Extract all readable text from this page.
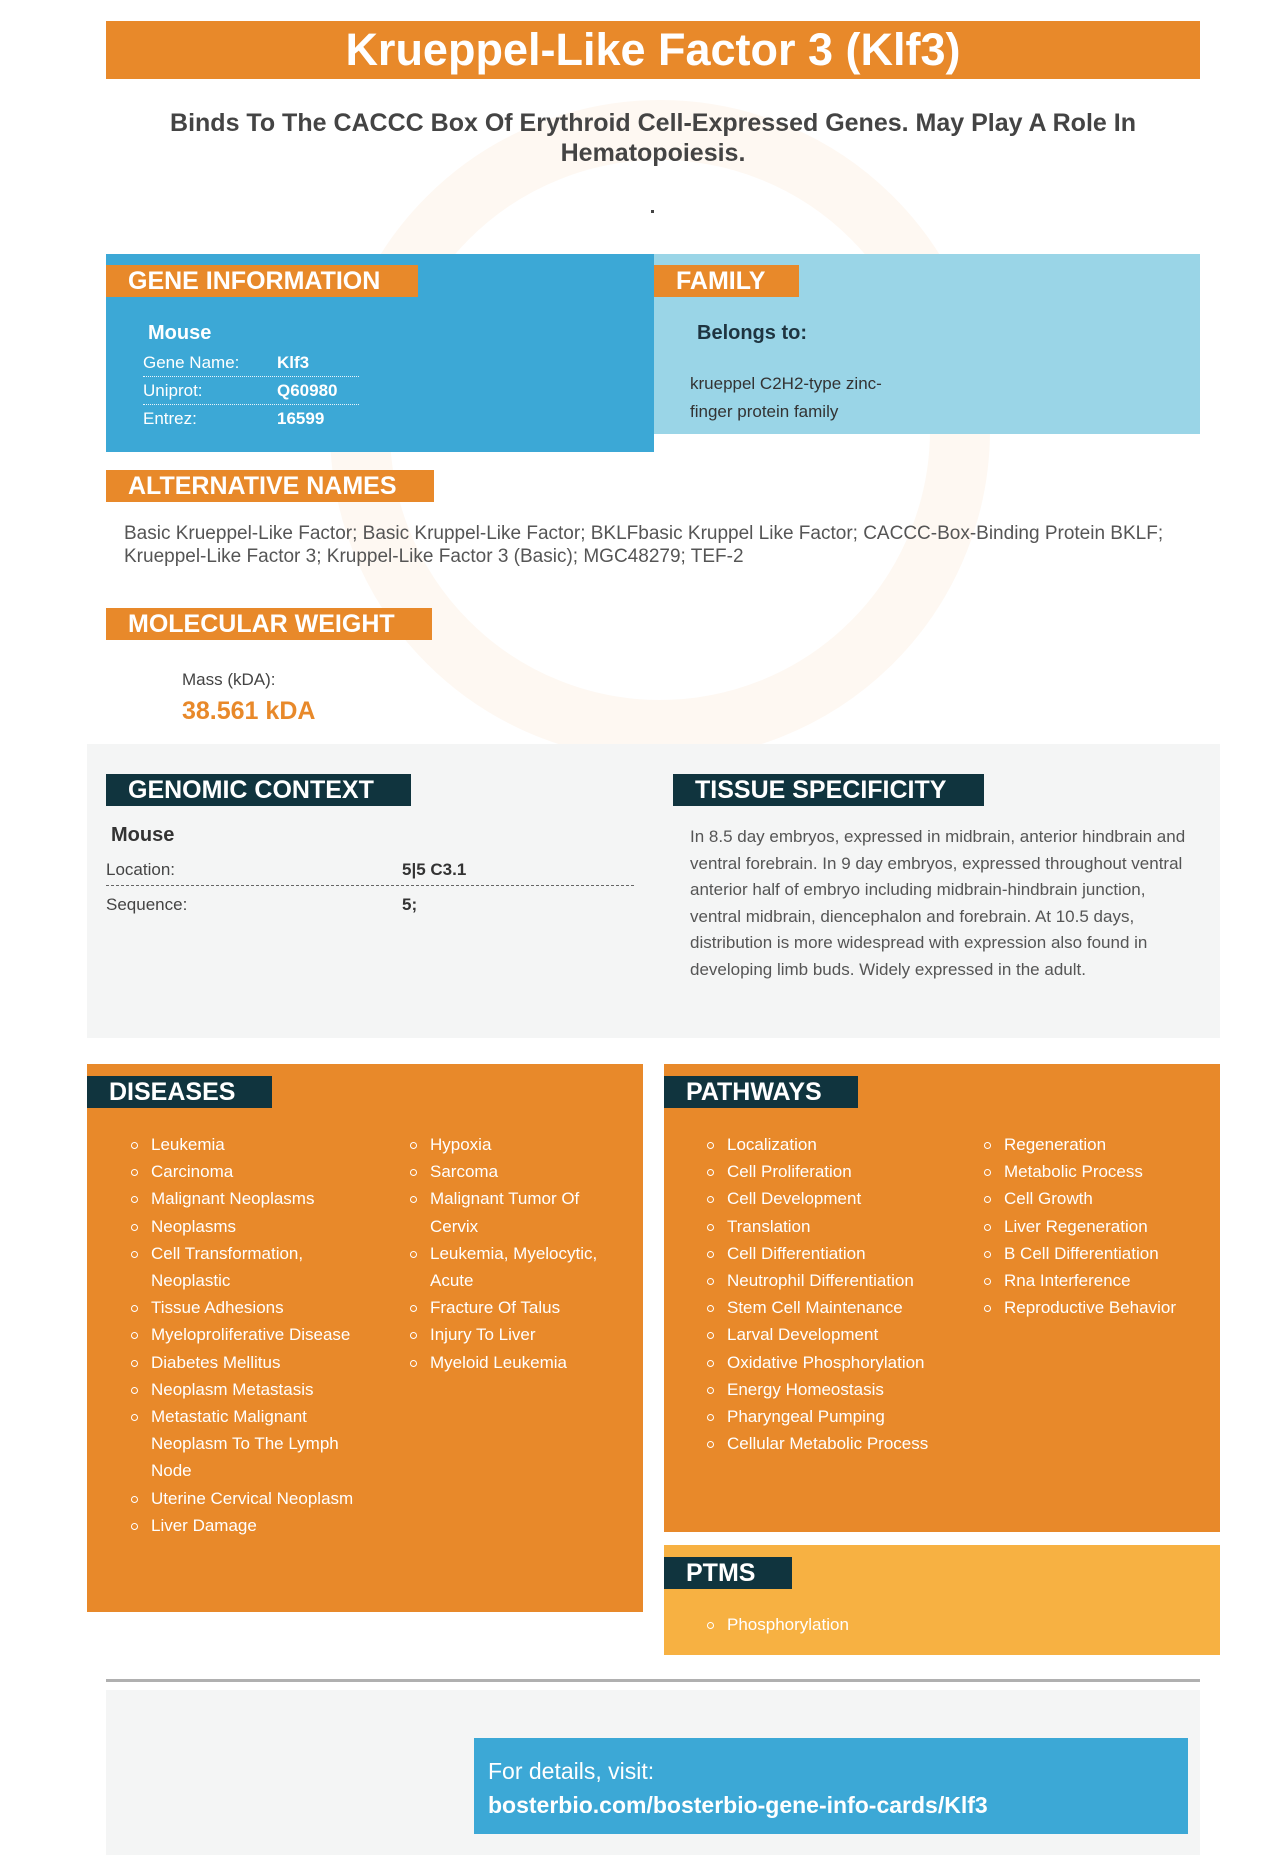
Krueppel-Like Factor 3 (Klf3)
Binds To The CACCC Box Of Erythroid Cell-Expressed Genes. May Play A Role In Hematopoiesis.
GENE INFORMATION
Mouse
Gene Name: Klf3
Uniprot:	Q60980
Entrez:	16599
FAMILY
Belongs to:
krueppel C2H2-type zinc-finger protein family
ALTERNATIVE NAMES
Basic Krueppel-Like Factor; Basic Kruppel-Like Factor; BKLFbasic Kruppel Like Factor; CACCC-Box-Binding Protein BKLF; Krueppel-Like Factor 3; Kruppel-Like Factor 3 (Basic); MGC48279; TEF-2
MOLECULAR WEIGHT
Mass (kDA):
38.561 kDA
GENOMIC CONTEXT
Mouse
Location:	5|5 C3.1
Sequence:	5;
TISSUE SPECIFICITY
In 8.5 day embryos, expressed in midbrain, anterior hindbrain and ventral forebrain. In 9 day embryos, expressed throughout ventral anterior half of embryo including midbrain-hindbrain junction, ventral midbrain, diencephalon and forebrain. At 10.5 days, distribution is more widespread with expression also found in developing limb buds. Widely expressed in the adult.
DISEASES
Leukemia
Carcinoma
Malignant Neoplasms
Neoplasms
Cell Transformation, Neoplastic
Tissue Adhesions
Myeloproliferative Disease
Diabetes Mellitus
Neoplasm Metastasis
Metastatic Malignant Neoplasm To The Lymph Node
Uterine Cervical Neoplasm
Liver Damage
Hypoxia
Sarcoma
Malignant Tumor Of Cervix
Leukemia, Myelocytic, Acute
Fracture Of Talus
Injury To Liver
Myeloid Leukemia
PATHWAYS
Localization
Cell Proliferation
Cell Development
Translation
Cell Differentiation
Neutrophil Differentiation
Stem Cell Maintenance
Larval Development
Oxidative Phosphorylation
Energy Homeostasis
Pharyngeal Pumping
Cellular Metabolic Process
Regeneration
Metabolic Process
Cell Growth
Liver Regeneration
B Cell Differentiation
Rna Interference
Reproductive Behavior
PTMS
Phosphorylation
For details, visit:
bosterbio.com/bosterbio-gene-info-cards/Klf3
